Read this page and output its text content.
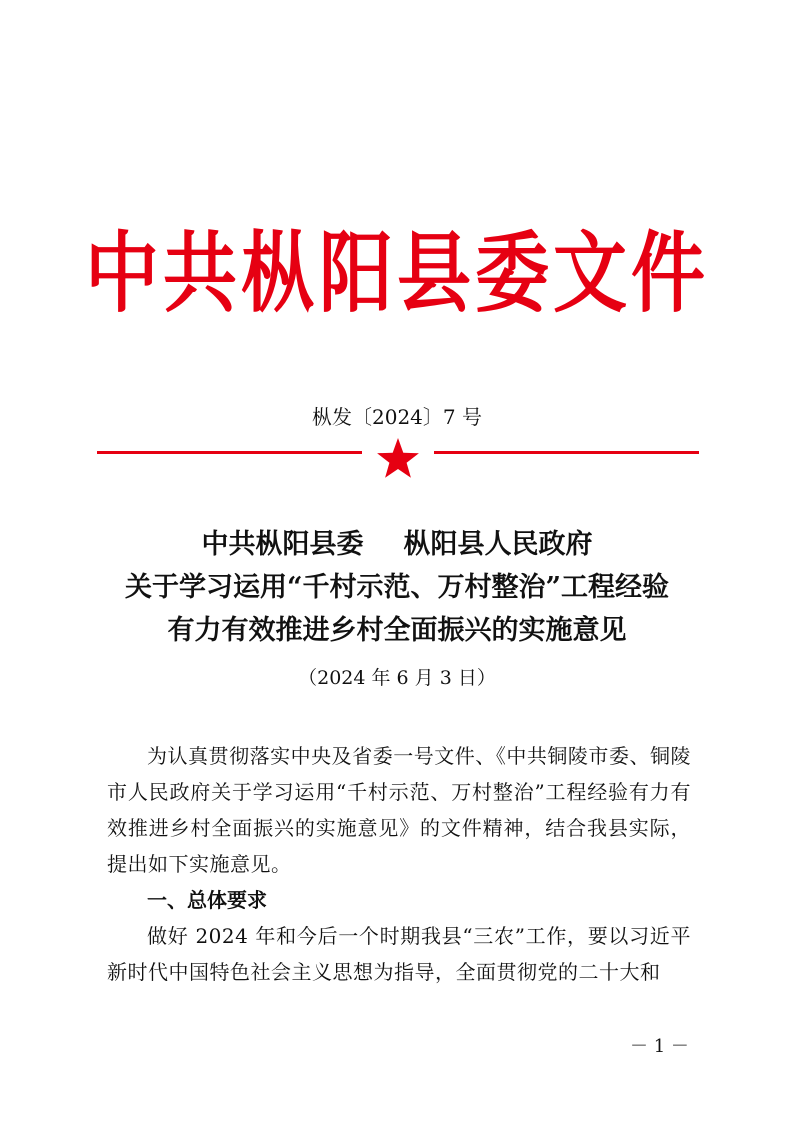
中共枞阳县委文件
枞发〔2024〕7 号
中共枞阳县委 枞阳县人民政府
关于学习运用“千村示范、万村整治”工程经验
有力有效推进乡村全面振兴的实施意见
（2024 年 6 月 3 日）

为认真贯彻落实中央及省委一号文件、《中共铜陵市委、铜陵市人民政府关于学习运用“千村示范、万村整治”工程经验有力有效推进乡村全面振兴的实施意见》的文件精神，结合我县实际，提出如下实施意见。

一、总体要求

做好 2024 年和今后一个时期我县“三农”工作，要以习近平新时代中国特色社会主义思想为指导，全面贯彻党的二十大和

－ 1 －
